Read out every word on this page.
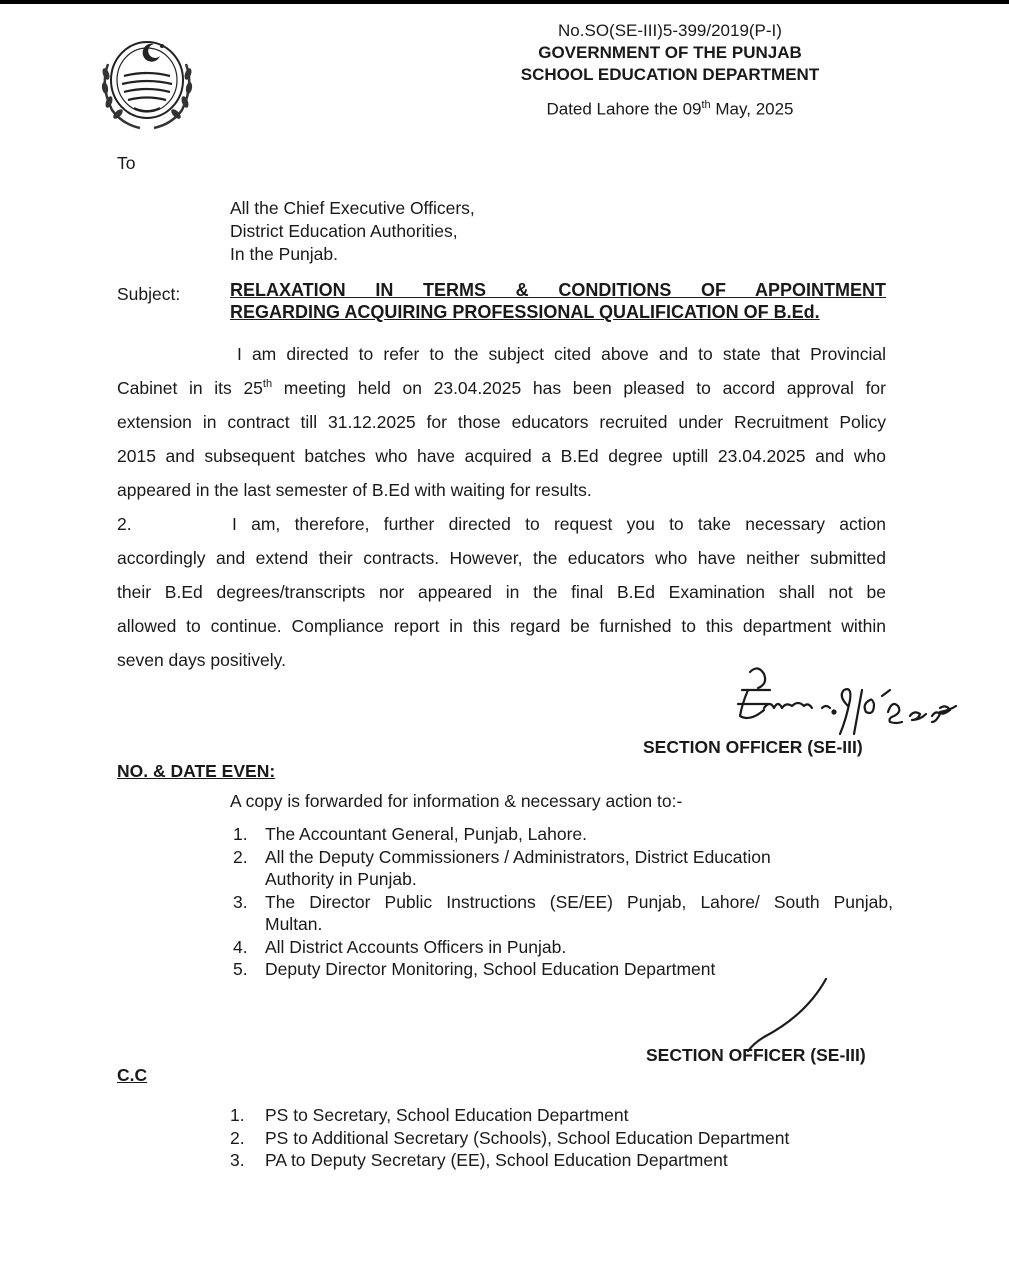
No.SO(SE-III)5-399/2019(P-I)
GOVERNMENT OF THE PUNJAB
SCHOOL EDUCATION DEPARTMENT
Dated Lahore the 09th May, 2025
To
All the Chief Executive Officers,
District Education Authorities,
In the Punjab.
Subject:	RELAXATION IN TERMS & CONDITIONS OF APPOINTMENT
REGARDING ACQUIRING PROFESSIONAL QUALIFICATION OF B.Ed.
I am directed to refer to the subject cited above and to state that Provincial
Cabinet in its 25th meeting held on 23.04.2025 has been pleased to accord approval for
extension in contract till 31.12.2025 for those educators recruited under Recruitment Policy
2015 and subsequent batches who have acquired a B.Ed degree uptill 23.04.2025 and who
appeared in the last semester of B.Ed with waiting for results.
2.	I am, therefore, further directed to request you to take necessary action
accordingly and extend their contracts. However, the educators who have neither submitted
their B.Ed degrees/transcripts nor appeared in the final B.Ed Examination shall not be
allowed to continue. Compliance report in this regard be furnished to this department within
seven days positively.
SECTION OFFICER (SE-III)
NO. & DATE EVEN:
A copy is forwarded for information & necessary action to:-
1. The Accountant General, Punjab, Lahore.
2. All the Deputy Commissioners / Administrators, District Education
Authority in Punjab.
3. The Director Public Instructions (SE/EE) Punjab, Lahore/ South Punjab,
Multan.
4. All District Accounts Officers in Punjab.
5. Deputy Director Monitoring, School Education Department
SECTION OFFICER (SE-III)
C.C
1. PS to Secretary, School Education Department
2. PS to Additional Secretary (Schools), School Education Department
3. PA to Deputy Secretary (EE), School Education Department
